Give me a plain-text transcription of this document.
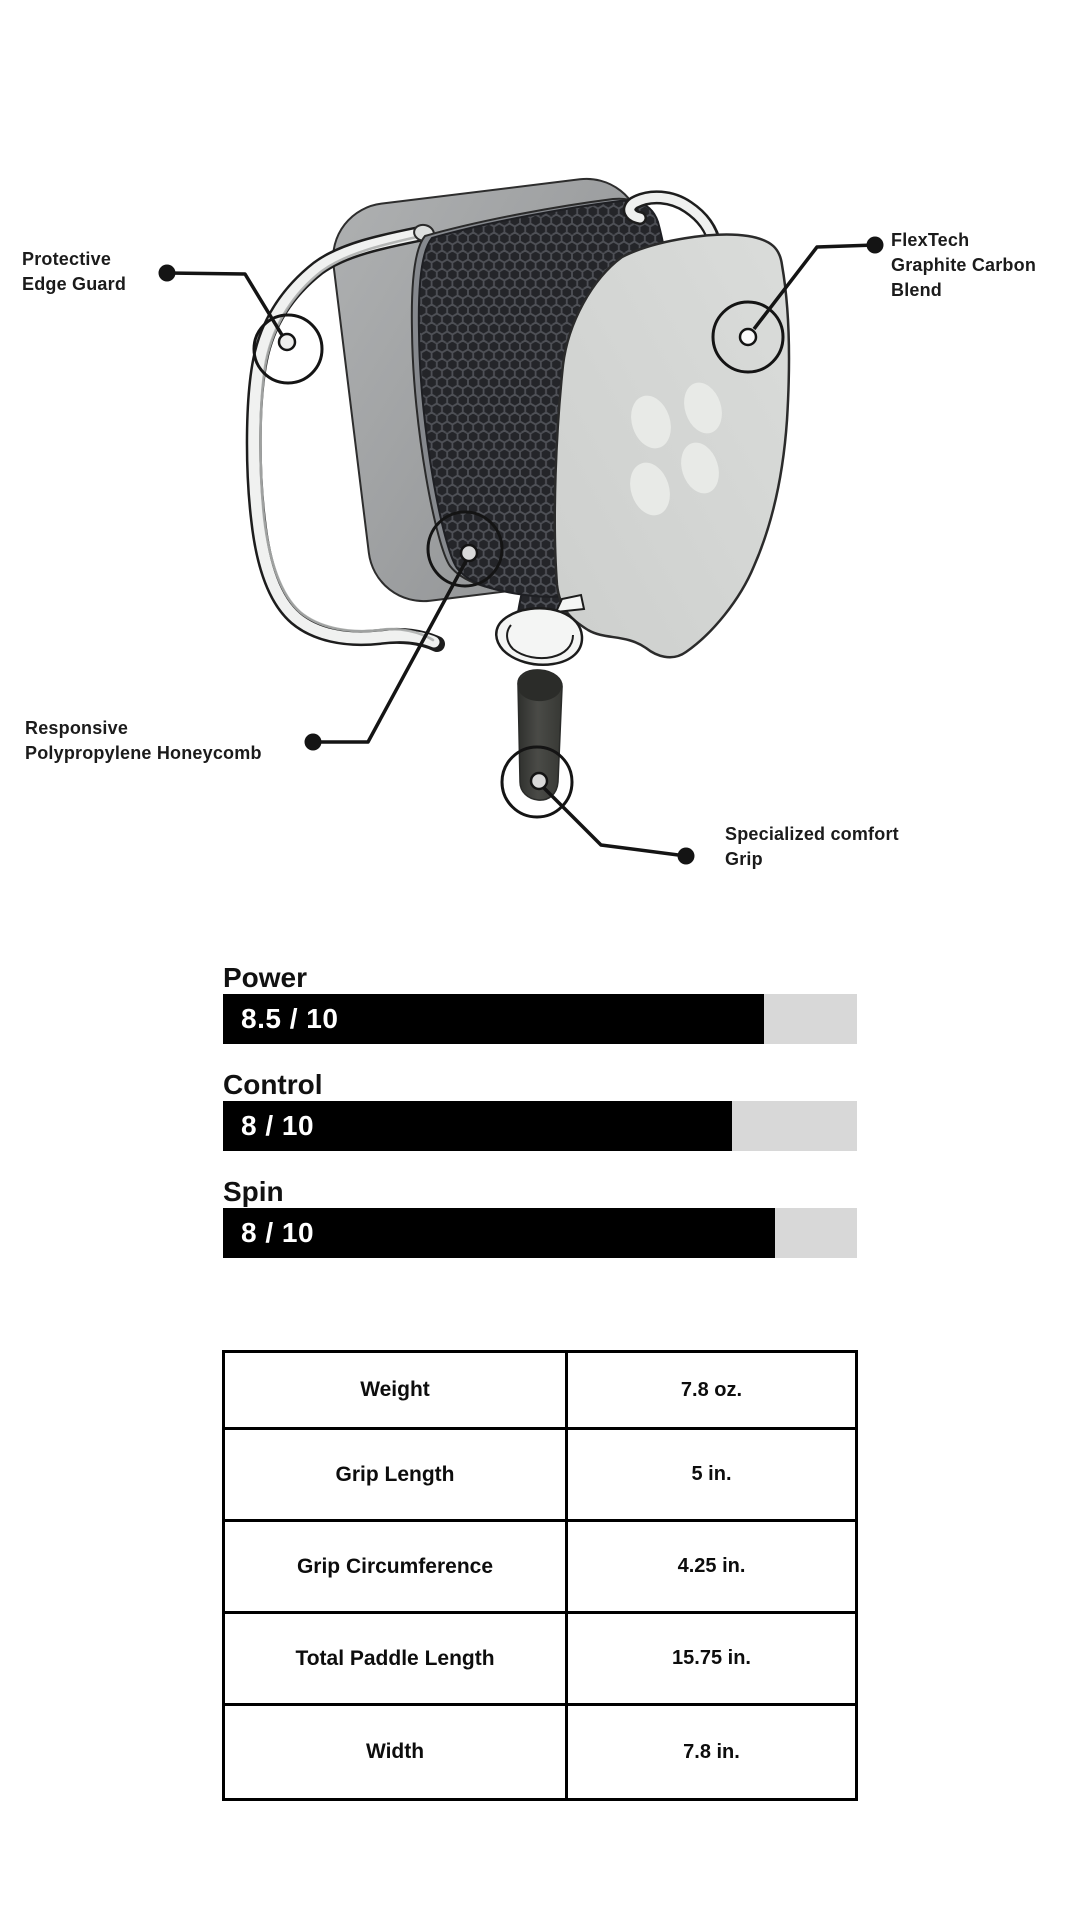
Protective
Edge Guard
FlexTech
Graphite Carbon
Blend
Responsive
Polypropylene Honeycomb
Specialized comfort
Grip
Power
8.5 / 10
Control
8 / 10
Spin
8 / 10
Weight	7.8 oz.
Grip Length	5 in.
Grip Circumference	4.25 in.
Total Paddle Length	15.75 in.
Width	7.8 in.
